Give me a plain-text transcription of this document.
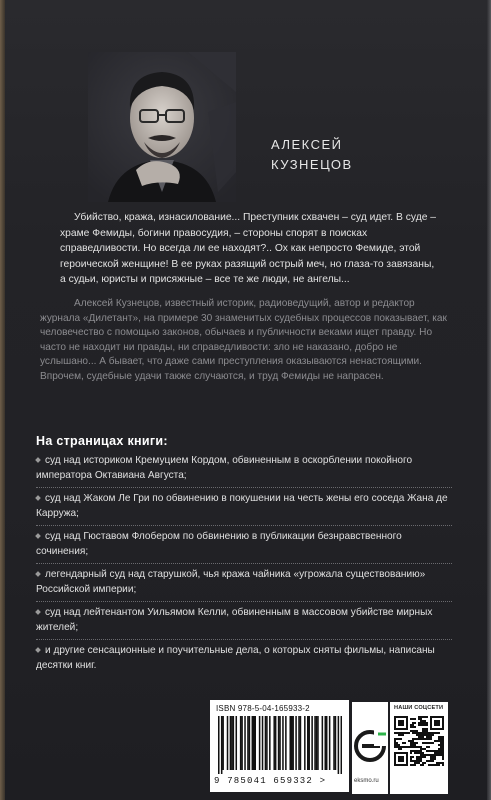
АЛЕКСЕЙ
КУЗНЕЦОВ

Убийство, кража, изнасилование... Преступник схвачен – суд идет. В суде – храме Фемиды, богини правосудия, – стороны спорят в поисках справедливости. Но всегда ли ее находят?.. Ох как непросто Фемиде, этой героической женщине! В ее руках разящий острый меч, но глаза-то завязаны, а судьи, юристы и присяжные – все те же люди, не ангелы...

Алексей Кузнецов, известный историк, радиоведущий, автор и редактор журнала «Дилетант», на примере 30 знаменитых судебных процессов показывает, как человечество с помощью законов, обычаев и публичности веками ищет правду. Но часто не находит ни правды, ни справедливости: зло не наказано, добро не услышано... А бывает, что даже сами преступления оказываются ненастоящими. Впрочем, судебные удачи также случаются, и труд Фемиды не напрасен.

На страницах книги:
суд над историком Кремуцием Кордом, обвиненным в оскорблении покойного императора Октавиана Августа;
суд над Жаком Ле Гри по обвинению в покушении на честь жены его соседа Жана де Карружа;
суд над Гюставом Флобером по обвинению в публикации безнравственного сочинения;
легендарный суд над старушкой, чья кража чайника «угрожала существованию» Российской империи;
суд над лейтенантом Уильямом Келли, обвиненным в массовом убийстве мирных жителей;
и другие сенсационные и поучительные дела, о которых сняты фильмы, написаны десятки книг.
ISBN 978-5-04-165933-2
9 785041 659332 >	eksmo.ru
НАШИ СОЦСЕТИ
